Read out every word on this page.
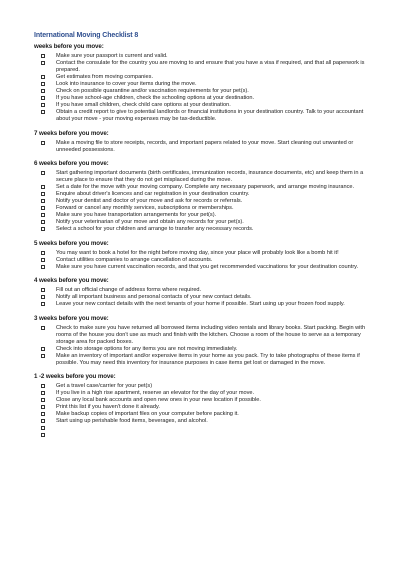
International Moving Checklist 8
weeks before you move:
Make sure your passport is current and valid.
Contact the consulate for the country you are moving to and ensure that you have a visa if required, and that all paperwork is prepared.
Get estimates from moving companies.
Look into insurance to cover your items during the move.
Check on possible quarantine and/or vaccination requirements for your pet(s).
If you have school-age children, check the schooling options at your destination.
If you have small children, check child care options at your destination.
Obtain a credit report to give to potential landlords or financial institutions in your destination country. Talk to your accountant about your move - your moving expenses may be tax-deductible.
7 weeks before you move:
Make a moving file to store receipts, records, and important papers related to your move. Start cleaning out unwanted or unneeded possessions.
6 weeks before you move:
Start gathering important documents (birth certificates, immunization records, insurance documents, etc) and keep them in a secure place to ensure that they do not get misplaced during the move.
Set a date for the move with your moving company. Complete any necessary paperwork, and arrange moving insurance.
Enquire about driver's licences and car registration in your destination country.
Notify your dentist and doctor of your move and ask for records or referrals.
Forward or cancel any monthly services, subscriptions or memberships.
Make sure you have transportation arrangements for your pet(s).
Notify your veterinarian of your move and obtain any records for your pet(s).
Select a school for your children and arrange to transfer any necessary records.
5 weeks before you move:
You may want to book a hotel for the night before moving day, since your place will probably look like a bomb hit it!
Contact utilities companies to arrange cancellation of accounts.
Make sure you have current vaccination records, and that you get recommended vaccinations for your destination country.
4 weeks before you move:
Fill out an official change of address forms where required.
Notify all important business and personal contacts of your new contact details.
Leave your new contact details with the next tenants of your home if possible. Start using up your frozen food supply.
3 weeks before you move:
Check to make sure you have returned all borrowed items including video rentals and library books. Start packing. Begin with rooms of the house you don't use as much and finish with the kitchen. Choose a room of the house to serve as a temporary storage area for packed boxes.
Check into storage options for any items you are not moving immediately.
Make an inventory of important and/or expensive items in your home as you pack. Try to take photographs of these items if possible. You may need this inventory for insurance purposes in case items get lost or damaged in the move.
1 -2 weeks before you move:
Get a travel case/carrier for your pet(s)
If you live in a high rise apartment, reserve an elevator for the day of your move.
Close any local bank accounts and open new ones in your new location if possible.
Print this list if you haven't done it already.
Make backup copies of important files on your computer before packing it.
Start using up perishable food items, beverages, and alcohol.
